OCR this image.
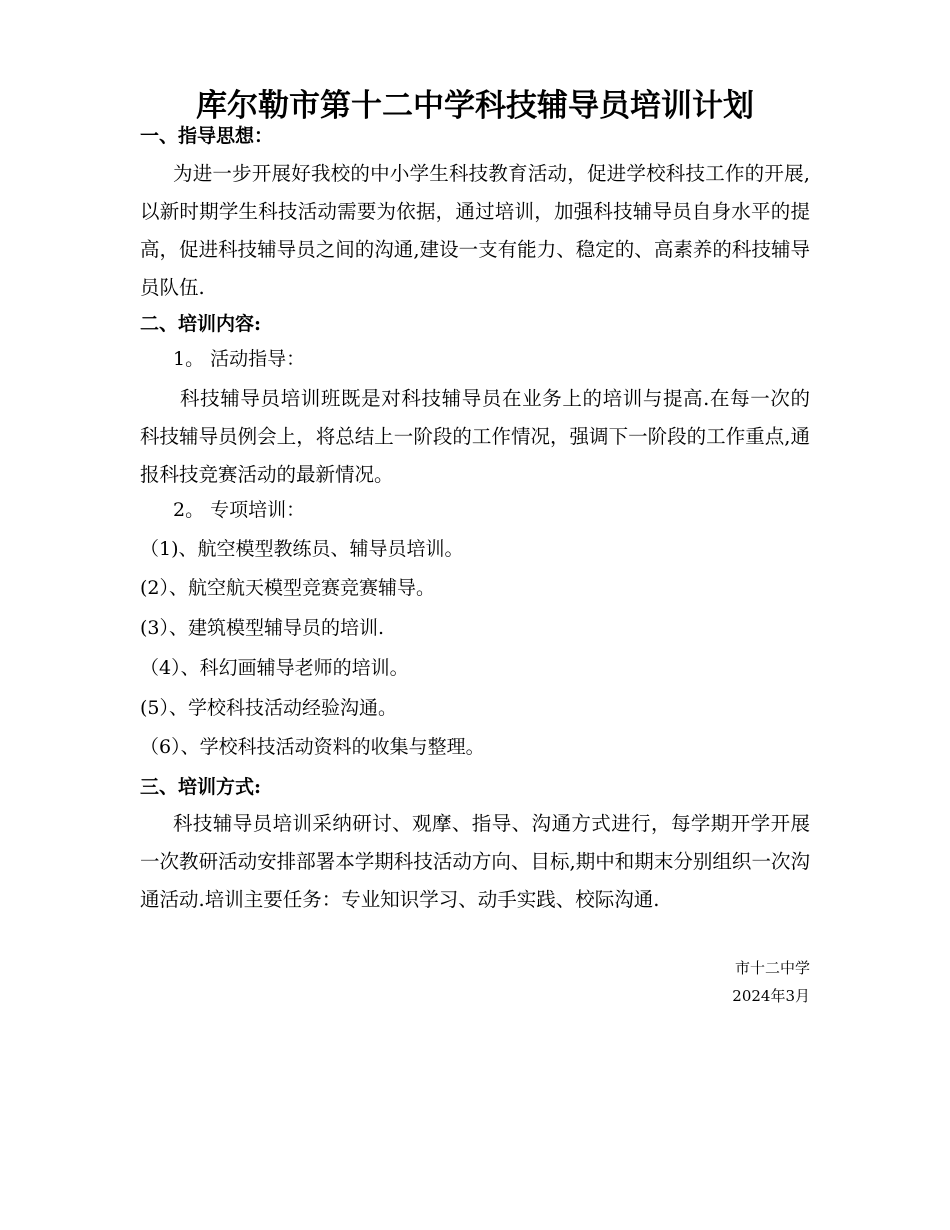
库尔勒市第十二中学科技辅导员培训计划
一、指导思想：

为进一步开展好我校的中小学生科技教育活动，促进学校科技工作的开展,以新时期学生科技活动需要为依据，通过培训，加强科技辅导员自身水平的提高，促进科技辅导员之间的沟通,建设一支有能力、稳定的、高素养的科技辅导员队伍.

二、培训内容:
1。 活动指导：

科技辅导员培训班既是对科技辅导员在业务上的培训与提高.在每一次的科技辅导员例会上，将总结上一阶段的工作情况，强调下一阶段的工作重点,通报科技竞赛活动的最新情况。

2。 专项培训：
（1)、航空模型教练员、辅导员培训。
(2）、航空航天模型竞赛竞赛辅导。
(3）、建筑模型辅导员的培训.
（4）、科幻画辅导老师的培训。
(5）、学校科技活动经验沟通。
（6）、学校科技活动资料的收集与整理。
三、培训方式:

科技辅导员培训采纳研讨、观摩、指导、沟通方式进行，每学期开学开展一次教研活动安排部署本学期科技活动方向、目标,期中和期末分别组织一次沟通活动.培训主要任务：专业知识学习、动手实践、校际沟通.

市十二中学
2024年3月
